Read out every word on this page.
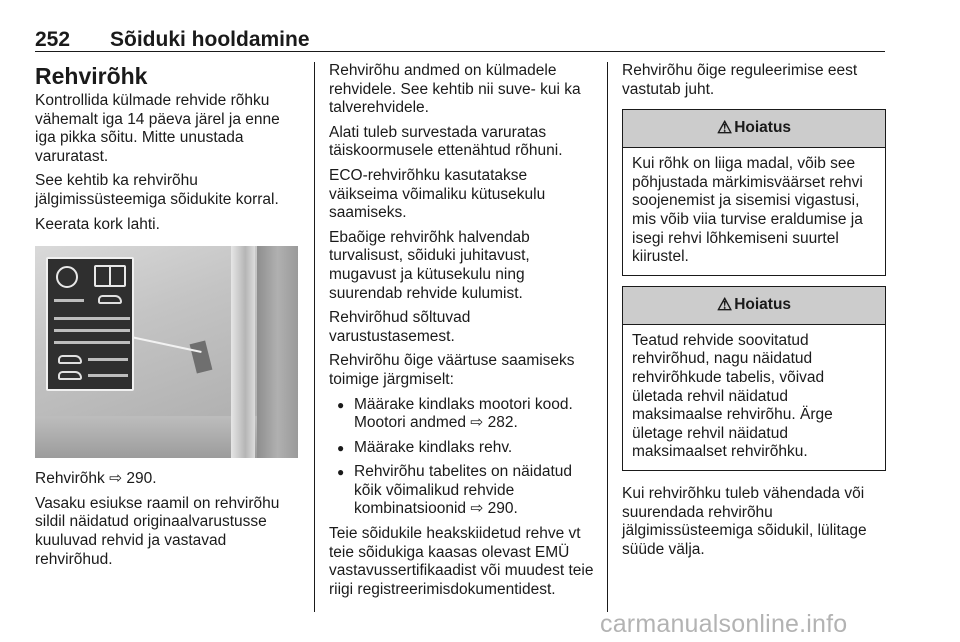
252 Sõiduki hooldamine
Rehvirõhk

Kontrollida külmade rehvide rõhku vähemalt iga 14 päeva järel ja enne iga pikka sõitu. Mitte unustada varuratast.

See kehtib ka rehvirõhu jälgimissüsteemiga sõidukite korral.

Keerata kork lahti.

Rehvirõhk ⇨ 290.

Vasaku esiukse raamil on rehvirõhu sildil näidatud originaalvarustusse kuuluvad rehvid ja vastavad rehvirõhud.

Rehvirõhu andmed on külmadele rehvidele. See kehtib nii suve- kui ka talverehvidele.

Alati tuleb survestada varuratas täiskoormusele ettenähtud rõhuni.

ECO-rehvirõhku kasutatakse väikseima võimaliku kütusekulu saamiseks.

Ebaõige rehvirõhk halvendab turvalisust, sõiduki juhitavust, mugavust ja kütusekulu ning suurendab rehvide kulumist.

Rehvirõhud sõltuvad varustustasemest.

Rehvirõhu õige väärtuse saamiseks toimige järgmiselt:

● Määrake kindlaks mootori kood. Mootori andmed ⇨ 282.
● Määrake kindlaks rehv.
● Rehvirõhu tabelites on näidatud kõik võimalikud rehvide kombinatsioonid ⇨ 290.

Teie sõidukile heakskiidetud rehve vt teie sõidukiga kaasas olevast EMÜ vastavussertifikaadist või muudest teie riigi registreerimisdokumentidest.

Rehvirõhu õige reguleerimise eest vastutab juht.

⚠ Hoiatus
Kui rõhk on liiga madal, võib see põhjustada märkimisväärset rehvi soojenemist ja sisemisi vigastusi, mis võib viia turvise eraldumise ja isegi rehvi lõhkemiseni suurtel kiirustel.
⚠ Hoiatus
Teatud rehvide soovitatud rehvirõhud, nagu näidatud rehvirõhkude tabelis, võivad ületada rehvil näidatud maksimaalse rehvirõhu. Ärge ületage rehvil näidatud maksimaalset rehvirõhku.

Kui rehvirõhku tuleb vähendada või suurendada rehvirõhu jälgimissüsteemiga sõidukil, lülitage süüde välja.

carmanualsonline.info
